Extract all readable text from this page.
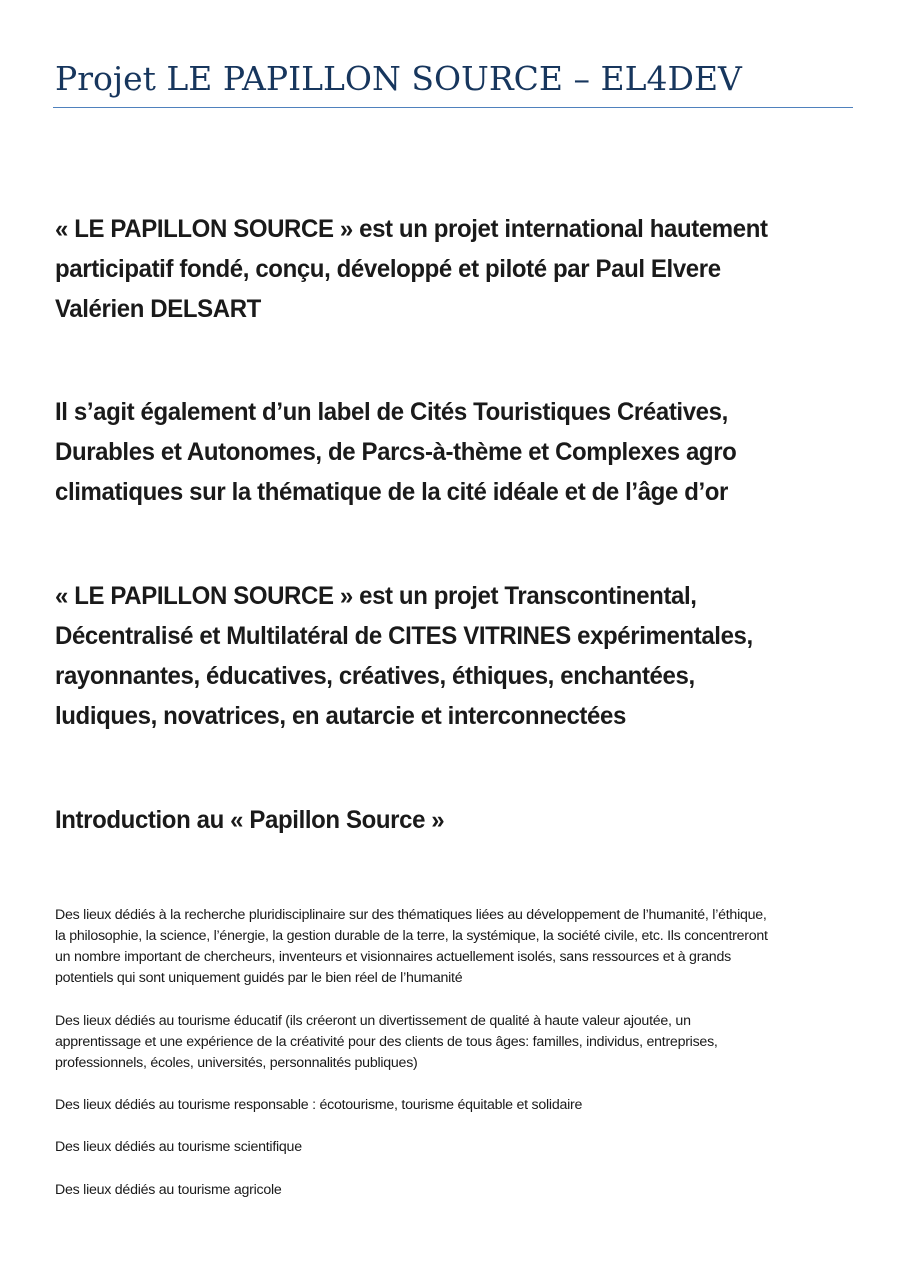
Projet LE PAPILLON SOURCE – EL4DEV

« LE PAPILLON SOURCE » est un projet international hautement
participatif fondé, conçu, développé et piloté par Paul Elvere
Valérien DELSART

Il s’agit également d’un label de Cités Touristiques Créatives,
Durables et Autonomes, de Parcs-à-thème et Complexes agro
climatiques sur la thématique de la cité idéale et de l’âge d’or

« LE PAPILLON SOURCE » est un projet Transcontinental,
Décentralisé et Multilatéral de CITES VITRINES expérimentales,
rayonnantes, éducatives, créatives, éthiques, enchantées,
ludiques, novatrices, en autarcie et interconnectées

Introduction au « Papillon Source »

Des lieux dédiés à la recherche pluridisciplinaire sur des thématiques liées au développement de l’humanité, l’éthique,
la philosophie, la science, l’énergie, la gestion durable de la terre, la systémique, la société civile, etc. Ils concentreront
un nombre important de chercheurs, inventeurs et visionnaires actuellement isolés, sans ressources et à grands
potentiels qui sont uniquement guidés par le bien réel de l’humanité

Des lieux dédiés au tourisme éducatif (ils créeront un divertissement de qualité à haute valeur ajoutée, un
apprentissage et une expérience de la créativité pour des clients de tous âges: familles, individus, entreprises,
professionnels, écoles, universités, personnalités publiques)

Des lieux dédiés au tourisme responsable : écotourisme, tourisme équitable et solidaire

Des lieux dédiés au tourisme scientifique

Des lieux dédiés au tourisme agricole
